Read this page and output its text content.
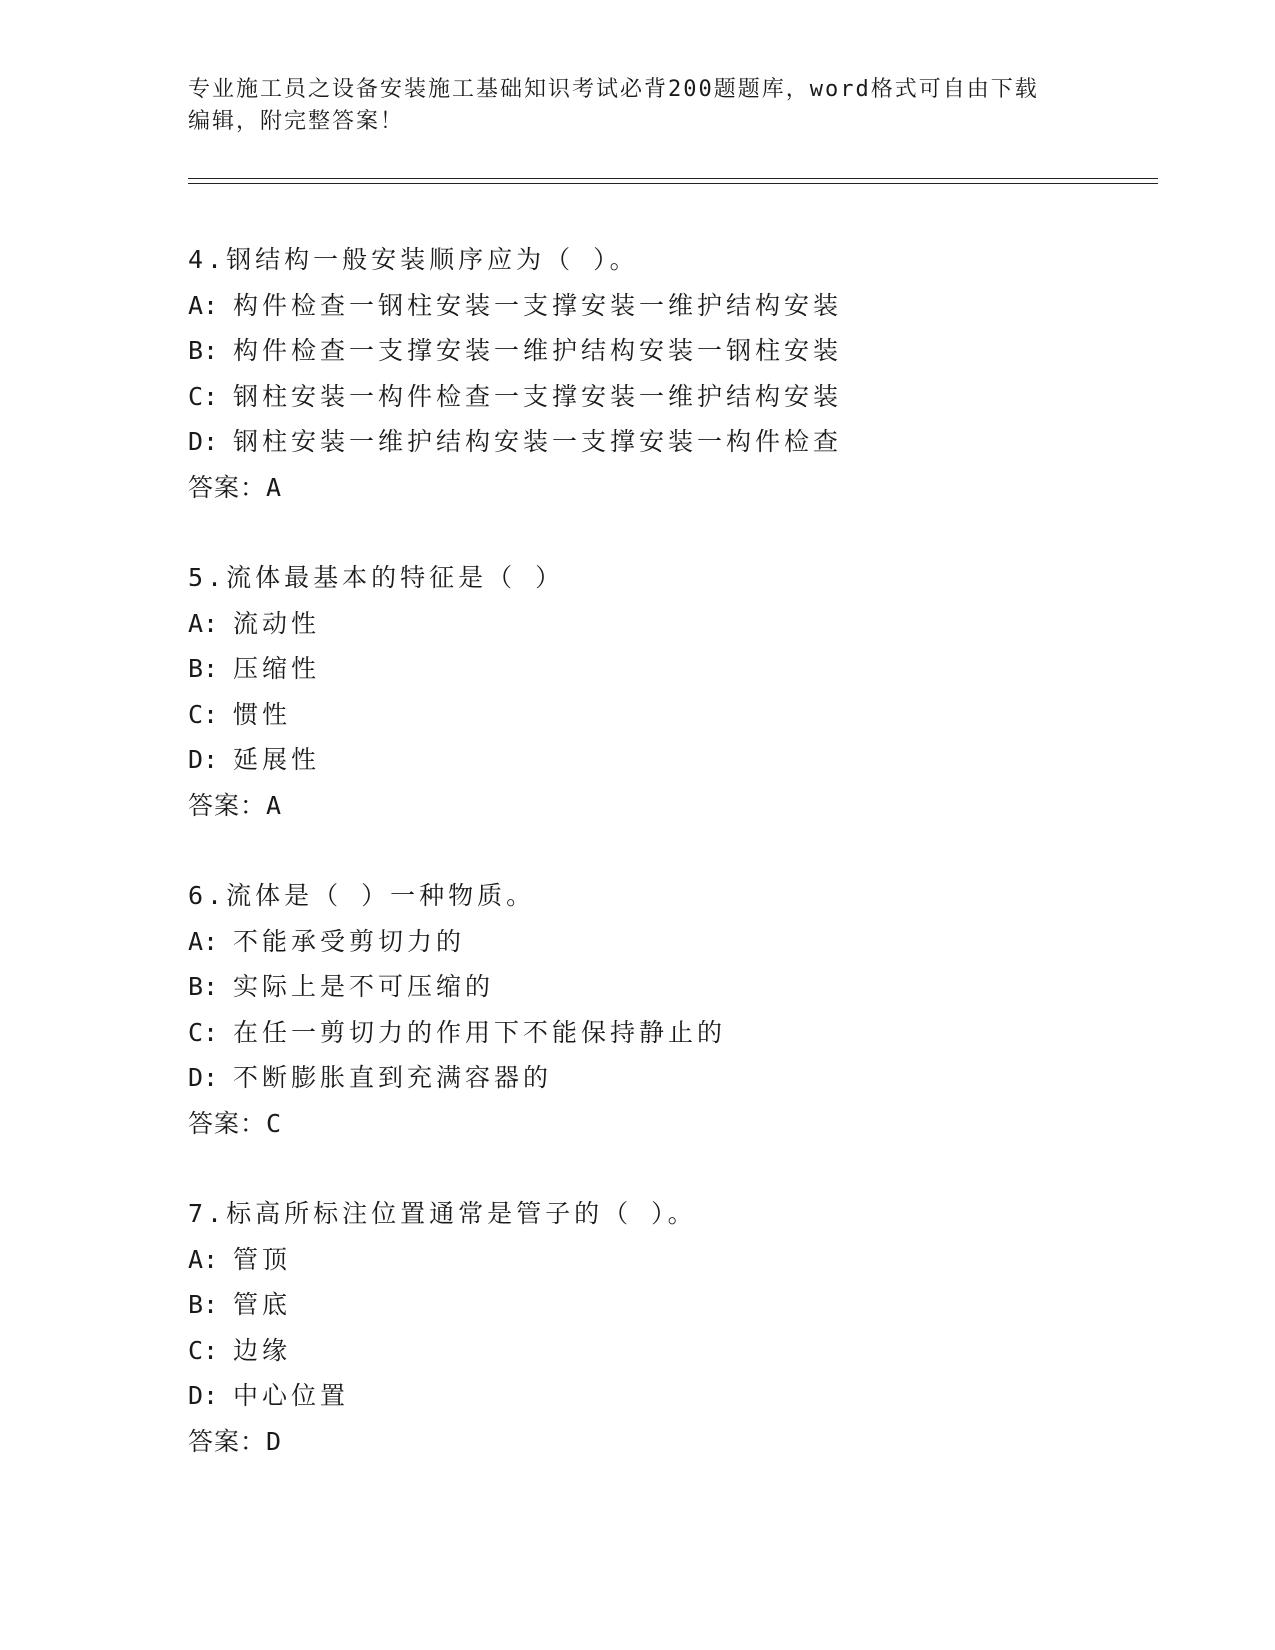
专业施工员之设备安装施工基础知识考试必背200题题库，word格式可自由下载
编辑，附完整答案！
4.钢结构一般安装顺序应为（ ）。
A: 构件检查一钢柱安装一支撑安装一维护结构安装
B: 构件检查一支撑安装一维护结构安装一钢柱安装
C: 钢柱安装一构件检查一支撑安装一维护结构安装
D: 钢柱安装一维护结构安装一支撑安装一构件检查
答案：A
5.流体最基本的特征是（ ）
A: 流动性
B: 压缩性
C: 惯性
D: 延展性
答案：A
6.流体是（ ）一种物质。
A: 不能承受剪切力的
B: 实际上是不可压缩的
C: 在任一剪切力的作用下不能保持静止的
D: 不断膨胀直到充满容器的
答案：C
7.标高所标注位置通常是管子的（ ）。
A: 管顶
B: 管底
C: 边缘
D: 中心位置
答案：D
